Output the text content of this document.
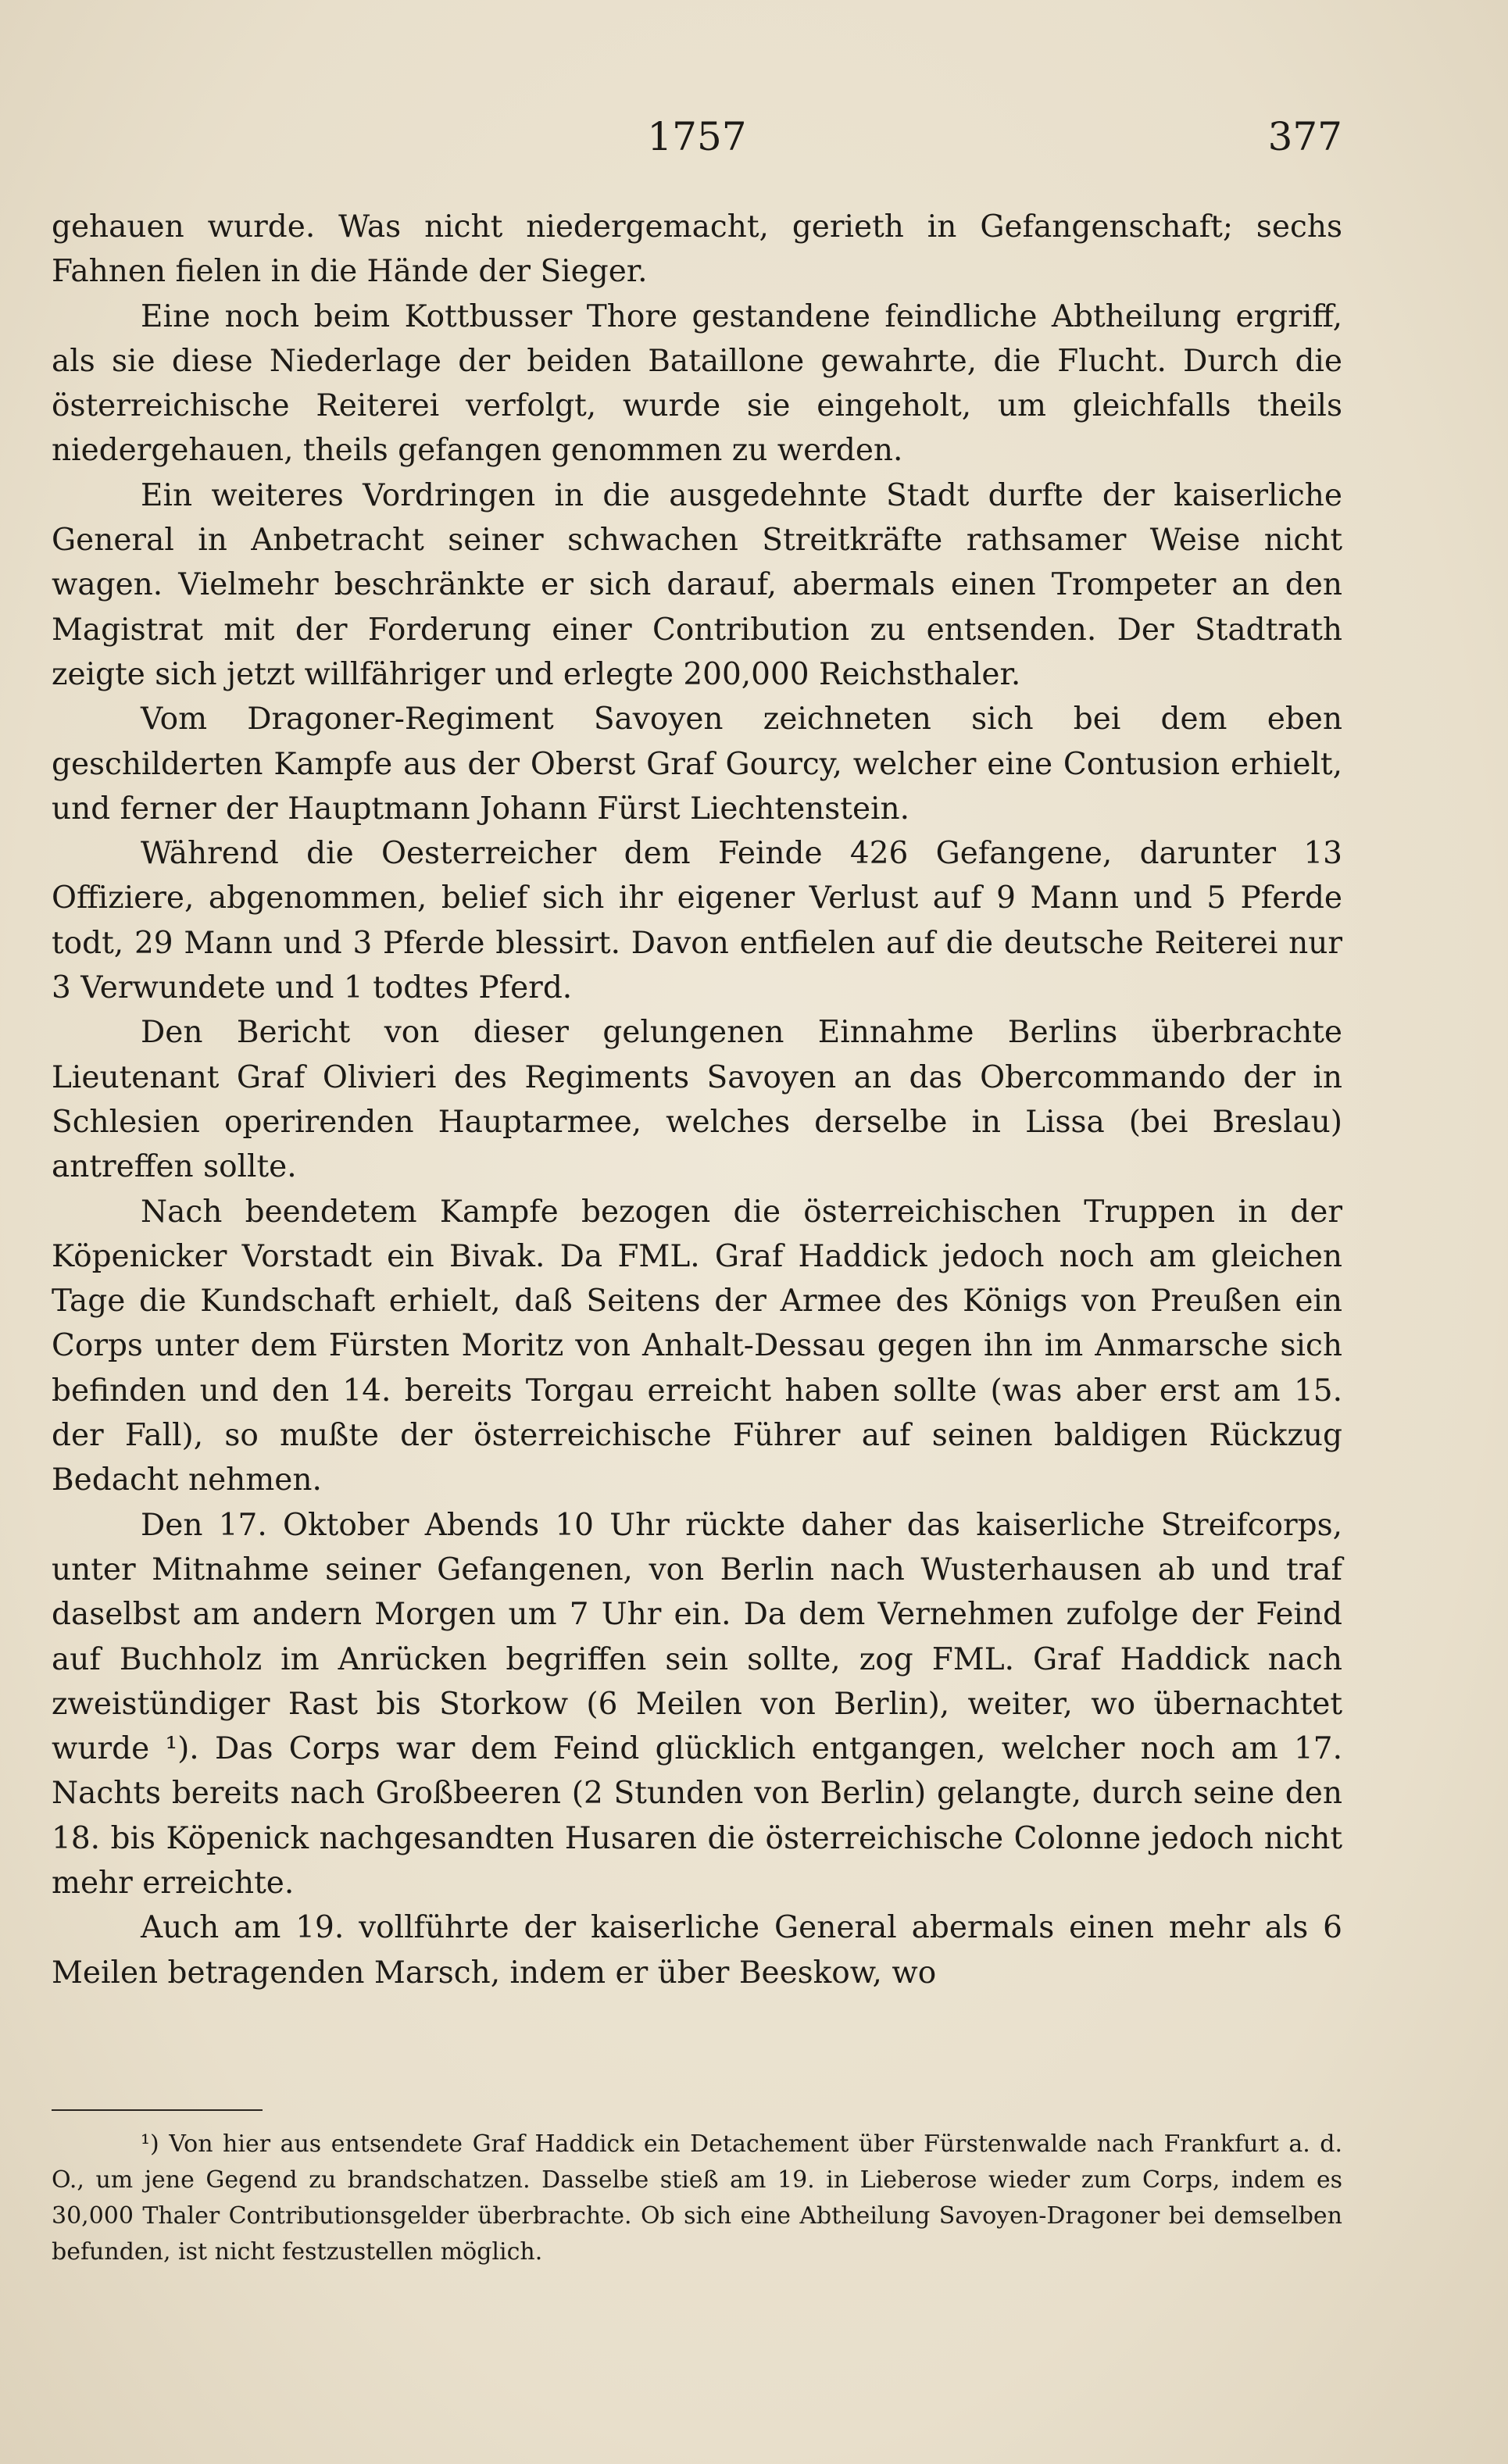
1757	377

gehauen wurde. Was nicht niedergemacht, gerieth in Gefangenschaft; sechs Fahnen fielen in die Hände der Sieger.

Eine noch beim Kottbusser Thore gestandene feindliche Abtheilung ergriff, als sie diese Niederlage der beiden Bataillone gewahrte, die Flucht. Durch die österreichische Reiterei verfolgt, wurde sie eingeholt, um gleichfalls theils niedergehauen, theils gefangen genommen zu werden.

Ein weiteres Vordringen in die ausgedehnte Stadt durfte der kaiserliche General in Anbetracht seiner schwachen Streitkräfte rathsamer Weise nicht wagen. Vielmehr beschränkte er sich darauf, abermals einen Trompeter an den Magistrat mit der Forderung einer Contribution zu entsenden. Der Stadtrath zeigte sich jetzt willfähriger und erlegte 200,000 Reichsthaler.

Vom Dragoner-Regiment Savoyen zeichneten sich bei dem eben geschilderten Kampfe aus der Oberst Graf Gourcy, welcher eine Contusion erhielt, und ferner der Hauptmann Johann Fürst Liechtenstein.

Während die Oesterreicher dem Feinde 426 Gefangene, darunter 13 Offiziere, abgenommen, belief sich ihr eigener Verlust auf 9 Mann und 5 Pferde todt, 29 Mann und 3 Pferde blessirt. Davon entfielen auf die deutsche Reiterei nur 3 Verwundete und 1 todtes Pferd.

Den Bericht von dieser gelungenen Einnahme Berlins überbrachte Lieutenant Graf Olivieri des Regiments Savoyen an das Obercommando der in Schlesien operirenden Hauptarmee, welches derselbe in Lissa (bei Breslau) antreffen sollte.

Nach beendetem Kampfe bezogen die österreichischen Truppen in der Köpenicker Vorstadt ein Bivak. Da FML. Graf Haddick jedoch noch am gleichen Tage die Kundschaft erhielt, daß Seitens der Armee des Königs von Preußen ein Corps unter dem Fürsten Moritz von Anhalt-Dessau gegen ihn im Anmarsche sich befinden und den 14. bereits Torgau erreicht haben sollte (was aber erst am 15. der Fall), so mußte der österreichische Führer auf seinen baldigen Rückzug Bedacht nehmen.

Den 17. Oktober Abends 10 Uhr rückte daher das kaiserliche Streifcorps, unter Mitnahme seiner Gefangenen, von Berlin nach Wusterhausen ab und traf daselbst am andern Morgen um 7 Uhr ein. Da dem Vernehmen zufolge der Feind auf Buchholz im Anrücken begriffen sein sollte, zog FML. Graf Haddick nach zweistündiger Rast bis Storkow (6 Meilen von Berlin), weiter, wo übernachtet wurde ¹). Das Corps war dem Feind glücklich entgangen, welcher noch am 17. Nachts bereits nach Großbeeren (2 Stunden von Berlin) gelangte, durch seine den 18. bis Köpenick nachgesandten Husaren die österreichische Colonne jedoch nicht mehr erreichte.

Auch am 19. vollführte der kaiserliche General abermals einen mehr als 6 Meilen betragenden Marsch, indem er über Beeskow, wo

¹) Von hier aus entsendete Graf Haddick ein Detachement über Fürstenwalde nach Frankfurt a. d. O., um jene Gegend zu brandschatzen. Dasselbe stieß am 19. in Lieberose wieder zum Corps, indem es 30,000 Thaler Contributionsgelder überbrachte. Ob sich eine Abtheilung Savoyen-Dragoner bei demselben befunden, ist nicht festzustellen möglich.
